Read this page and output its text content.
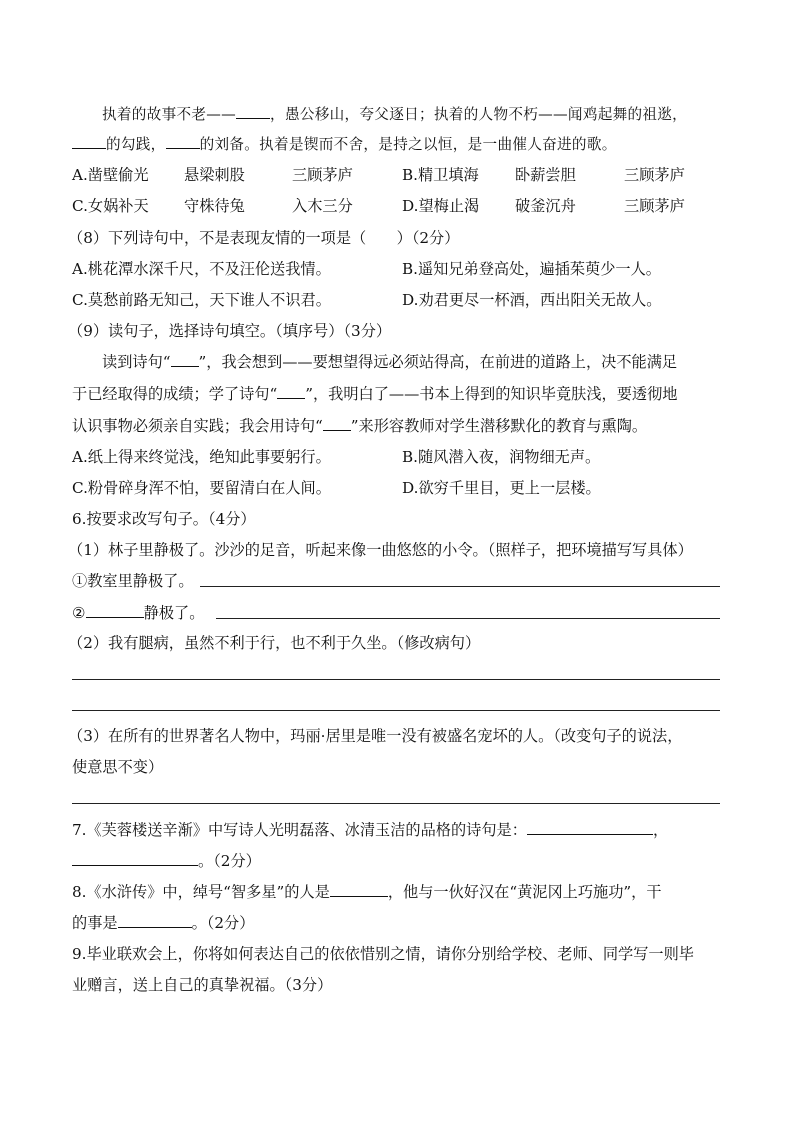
执着的故事不老—— ，愚公移山，夸父逐日；执着的人物不朽——闻鸡起舞的祖逖，
的勾践， 的刘备。执着是锲而不舍，是持之以恒，是一曲催人奋进的歌。
A.凿壁偷光 悬梁刺股	三顾茅庐	B.精卫填海 卧薪尝胆	三顾茅庐
C.女娲补天 守株待兔	入木三分	D.望梅止渴 破釜沉舟	三顾茅庐
（8）下列诗句中，不是表现友情的一项是（　　）（2分）
A.桃花潭水深千尺，不及汪伦送我情。	B.遥知兄弟登高处，遍插茱萸少一人。
C.莫愁前路无知己，天下谁人不识君。	D.劝君更尽一杯酒，西出阳关无故人。
（9）读句子，选择诗句填空。（填序号）（3分）
读到诗句“ ”，我会想到——要想望得远必须站得高，在前进的道路上，决不能满足
于已经取得的成绩；学了诗句“ ”，我明白了——书本上得到的知识毕竟肤浅，要透彻地
认识事物必须亲自实践；我会用诗句“ ”来形容教师对学生潜移默化的教育与熏陶。
A.纸上得来终觉浅，绝知此事要躬行。	B.随风潜入夜，润物细无声。
C.粉骨碎身浑不怕，要留清白在人间。	D.欲穷千里目，更上一层楼。
6.按要求改写句子。（4分）
（1）林子里静极了。沙沙的足音，听起来像一曲悠悠的小令。（照样子，把环境描写写具体）
①教室里静极了。
②	静极了。
（2）我有腿病，虽然不利于行，也不利于久坐。（修改病句）
（3）在所有的世界著名人物中，玛丽·居里是唯一没有被盛名宠坏的人。（改变句子的说法，
使意思不变）
7.《芙蓉楼送辛渐》中写诗人光明磊落、冰清玉洁的品格的诗句是：	，
。（2分）
8.《水浒传》中，绰号“智多星”的人是	，他与一伙好汉在“黄泥冈上巧施功”，干
的事是	。（2分）
9.毕业联欢会上，你将如何表达自己的依依惜别之情，请你分别给学校、老师、同学写一则毕
业赠言，送上自己的真挚祝福。（3分）
